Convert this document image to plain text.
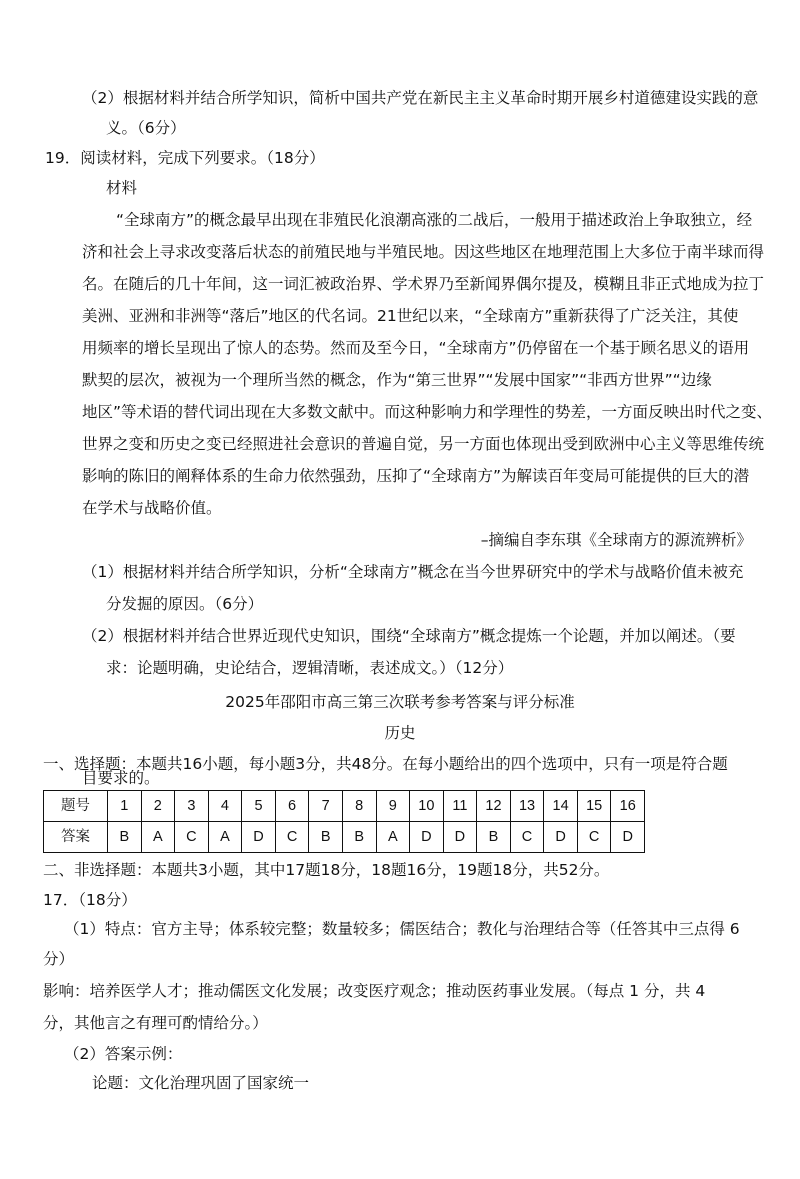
（2）根据材料并结合所学知识，简析中国共产党在新民主主义革命时期开展乡村道德建设实践的意
义。（6分）
19．阅读材料，完成下列要求。（18分）
材料
“全球南方”的概念最早出现在非殖民化浪潮高涨的二战后，一般用于描述政治上争取独立，经
济和社会上寻求改变落后状态的前殖民地与半殖民地。因这些地区在地理范围上大多位于南半球而得
名。在随后的几十年间，这一词汇被政治界、学术界乃至新闻界偶尔提及，模糊且非正式地成为拉丁
美洲、亚洲和非洲等“落后”地区的代名词。21世纪以来，“全球南方”重新获得了广泛关注，其使
用频率的增长呈现出了惊人的态势。然而及至今日，“全球南方”仍停留在一个基于顾名思义的语用
默契的层次，被视为一个理所当然的概念，作为“第三世界”“发展中国家”“非西方世界”“边缘
地区”等术语的替代词出现在大多数文献中。而这种影响力和学理性的势差，一方面反映出时代之变、
世界之变和历史之变已经照进社会意识的普遍自觉，另一方面也体现出受到欧洲中心主义等思维传统
影响的陈旧的阐释体系的生命力依然强劲，压抑了“全球南方”为解读百年变局可能提供的巨大的潜
在学术与战略价值。
–摘编自李东琪《全球南方的源流辨析》
（1）根据材料并结合所学知识，分析“全球南方”概念在当今世界研究中的学术与战略价值未被充
分发掘的原因。（6分）
（2）根据材料并结合世界近现代史知识，围绕“全球南方”概念提炼一个论题，并加以阐述。（要
求：论题明确，史论结合，逻辑清晰，表述成文。）（12分）
2025年邵阳市高三第三次联考参考答案与评分标准
历史
一、选择题：本题共16小题，每小题3分，共48分。在每小题给出的四个选项中，只有一项是符合题
目要求的。
题号	1	2	3	4	5	6	7	8	9	10	11	12	13	14	15	16
答案	B	A	C	A	D	C	B	B	A	D	D	B	C	D	C	D
二、非选择题：本题共3小题，其中17题18分，18题16分，19题18分，共52分。
17．（18分）
（1）特点：官方主导；体系较完整；数量较多；儒医结合；教化与治理结合等（任答其中三点得 6
分）
影响：培养医学人才；推动儒医文化发展；改变医疗观念；推动医药事业发展。（每点 1 分，共 4
分，其他言之有理可酌情给分。）
（2）答案示例：
论题：文化治理巩固了国家统一
